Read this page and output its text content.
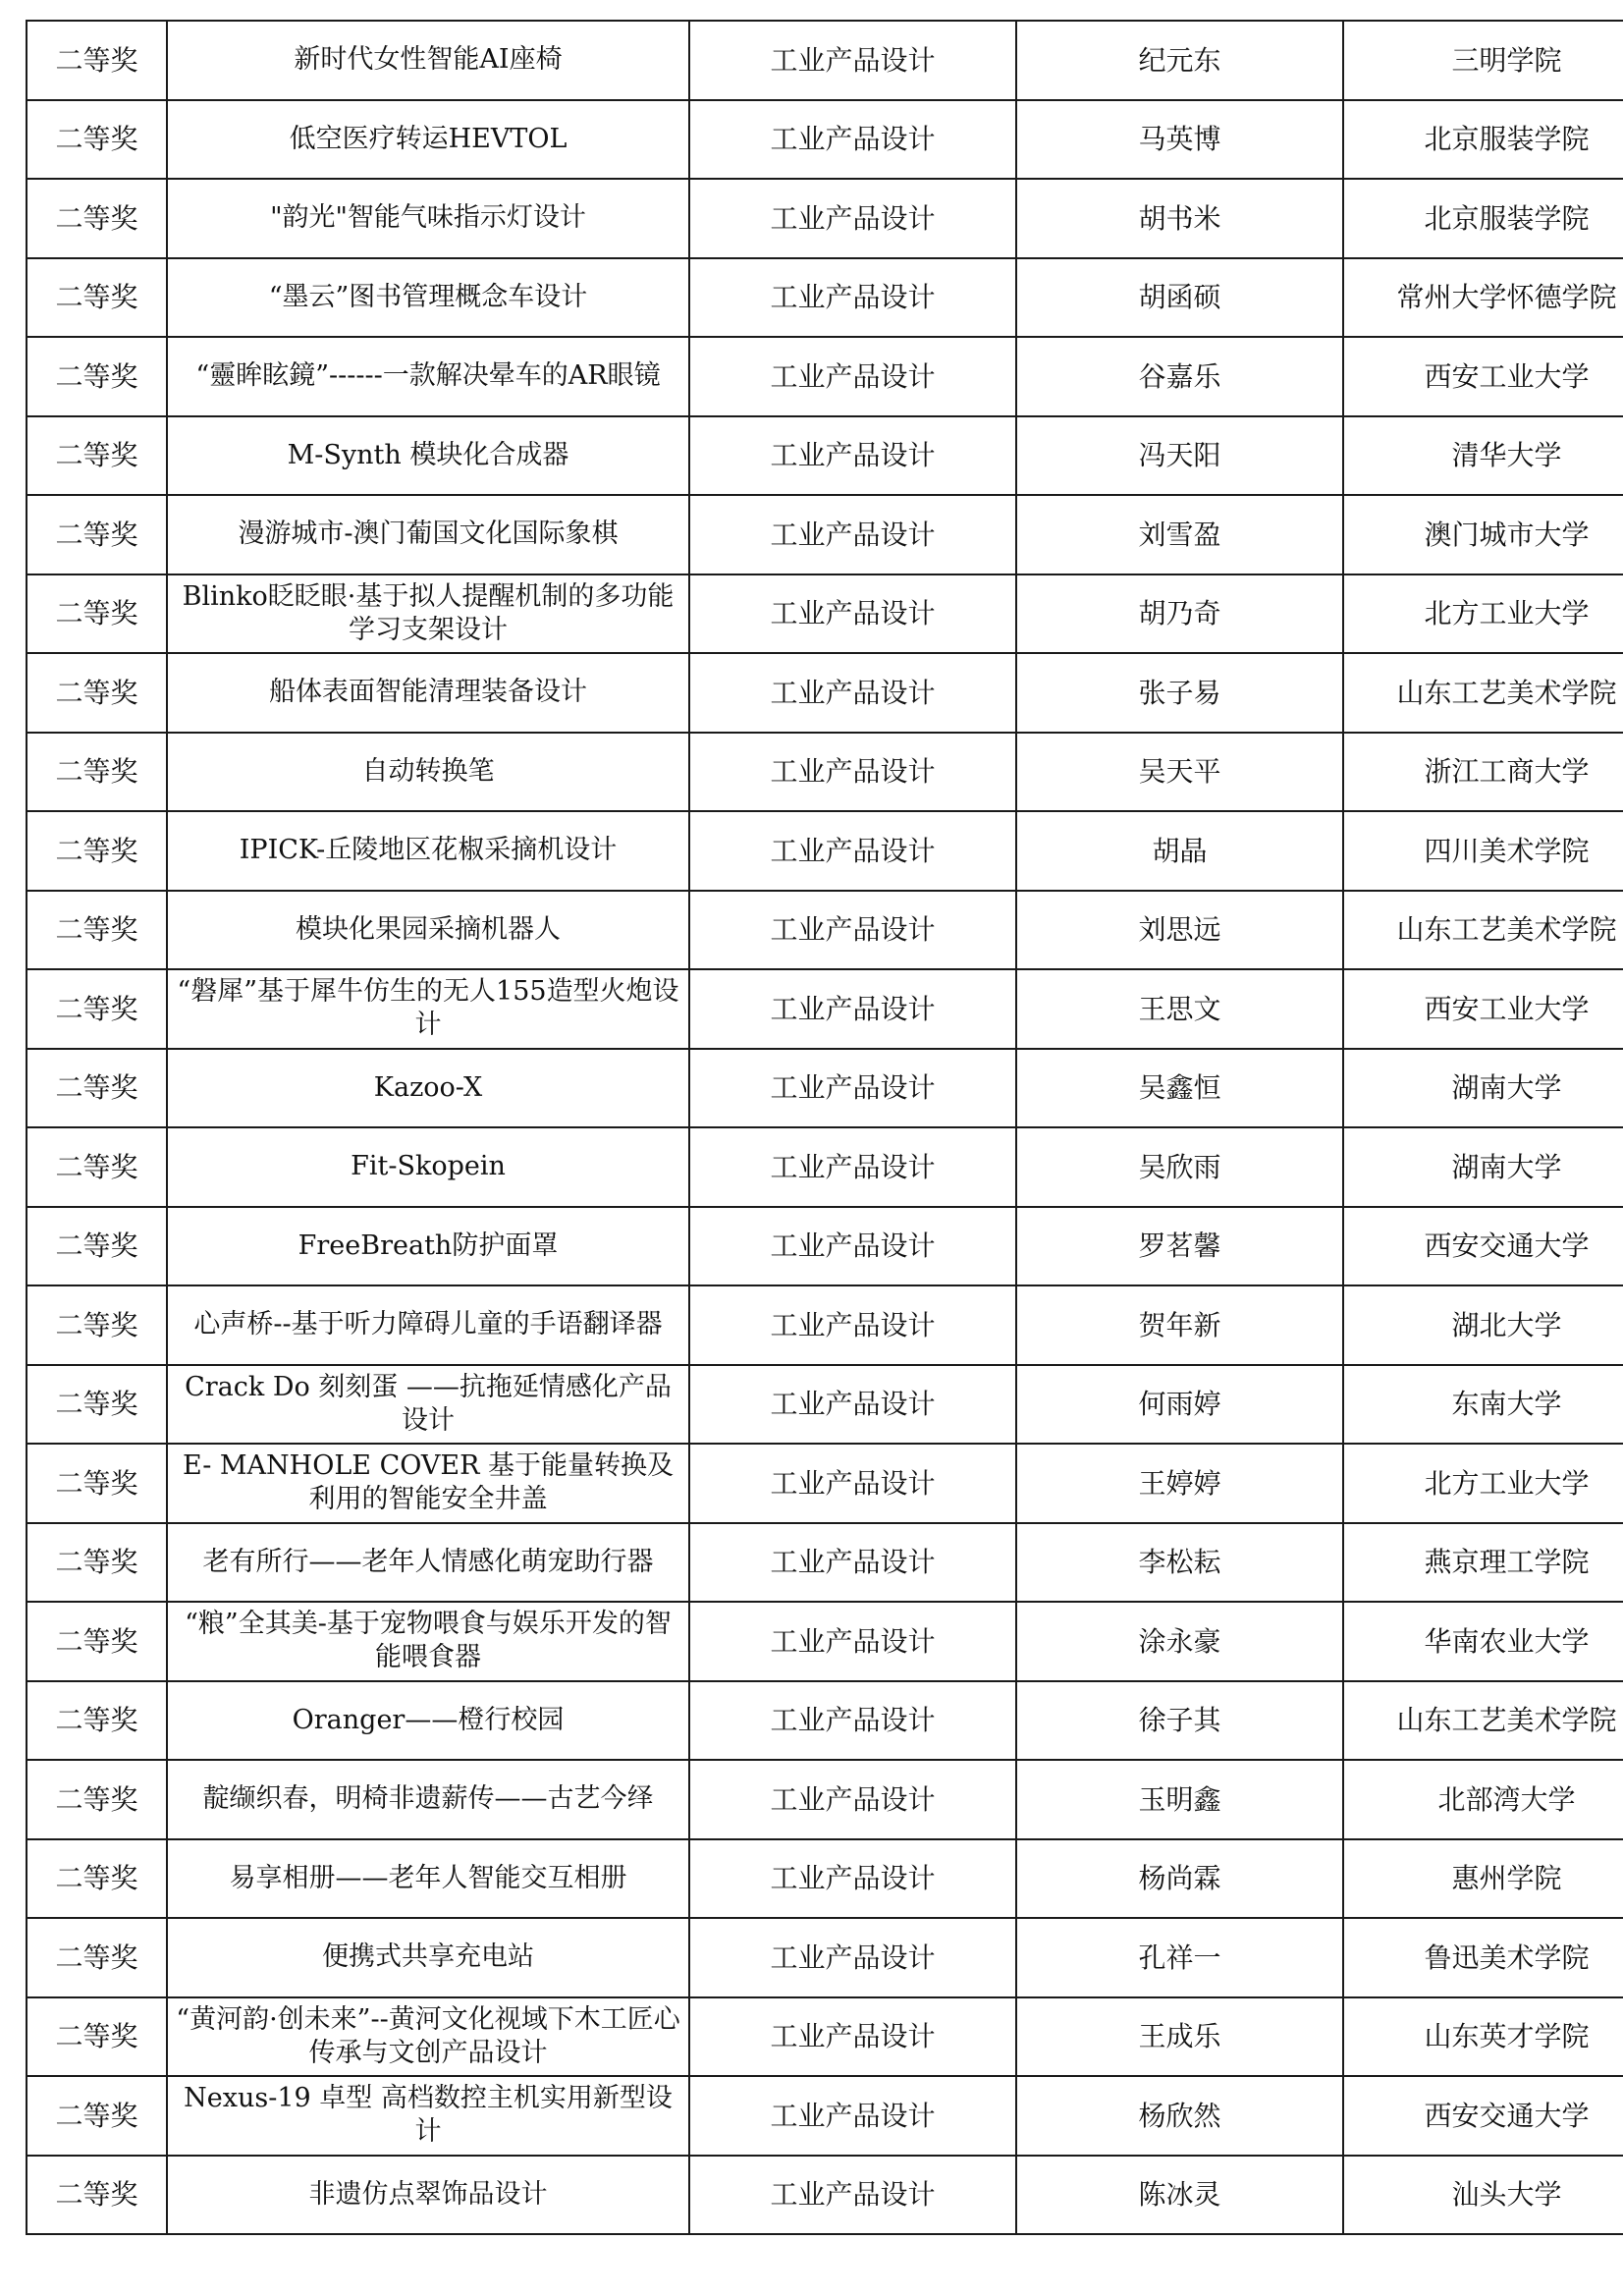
二等奖	新时代女性智能AI座椅	工业产品设计	纪元东	三明学院
二等奖	低空医疗转运HEVTOL	工业产品设计	马英博	北京服装学院
二等奖	"韵光"智能气味指示灯设计	工业产品设计	胡书米	北京服装学院
二等奖	“墨云”图书管理概念车设计	工业产品设计	胡函硕	常州大学怀德学院
二等奖	“靈眸眩鏡”------一款解决晕车的AR眼镜	工业产品设计	谷嘉乐	西安工业大学
二等奖	M-Synth 模块化合成器	工业产品设计	冯天阳	清华大学
二等奖	漫游城市-澳门葡国文化国际象棋	工业产品设计	刘雪盈	澳门城市大学
二等奖	Blinko眨眨眼·基于拟人提醒机制的多功能学习支架设计	工业产品设计	胡乃奇	北方工业大学
二等奖	船体表面智能清理装备设计	工业产品设计	张子易	山东工艺美术学院
二等奖	自动转换笔	工业产品设计	吴天平	浙江工商大学
二等奖	IPICK-丘陵地区花椒采摘机设计	工业产品设计	胡晶	四川美术学院
二等奖	模块化果园采摘机器人	工业产品设计	刘思远	山东工艺美术学院
二等奖	“磐犀”基于犀牛仿生的无人155造型火炮设计	工业产品设计	王思文	西安工业大学
二等奖	Kazoo-X	工业产品设计	吴鑫恒	湖南大学
二等奖	Fit-Skopein	工业产品设计	吴欣雨	湖南大学
二等奖	FreeBreath防护面罩	工业产品设计	罗茗馨	西安交通大学
二等奖	心声桥--基于听力障碍儿童的手语翻译器	工业产品设计	贺年新	湖北大学
二等奖	Crack Do 刻刻蛋 ——抗拖延情感化产品设计	工业产品设计	何雨婷	东南大学
二等奖	E- MANHOLE COVER 基于能量转换及利用的智能安全井盖	工业产品设计	王婷婷	北方工业大学
二等奖	老有所行——老年人情感化萌宠助行器	工业产品设计	李松耘	燕京理工学院
二等奖	“粮”全其美-基于宠物喂食与娱乐开发的智能喂食器	工业产品设计	涂永豪	华南农业大学
二等奖	Oranger——橙行校园	工业产品设计	徐子其	山东工艺美术学院
二等奖	靛缬织春，明椅非遗薪传——古艺今绎	工业产品设计	玉明鑫	北部湾大学
二等奖	易享相册——老年人智能交互相册	工业产品设计	杨尚霖	惠州学院
二等奖	便携式共享充电站	工业产品设计	孔祥一	鲁迅美术学院
二等奖	“黄河韵·创未来”--黄河文化视域下木工匠心传承与文创产品设计	工业产品设计	王成乐	山东英才学院
二等奖	Nexus-19 卓型 高档数控主机实用新型设计	工业产品设计	杨欣然	西安交通大学
二等奖	非遗仿点翠饰品设计	工业产品设计	陈冰灵	汕头大学
